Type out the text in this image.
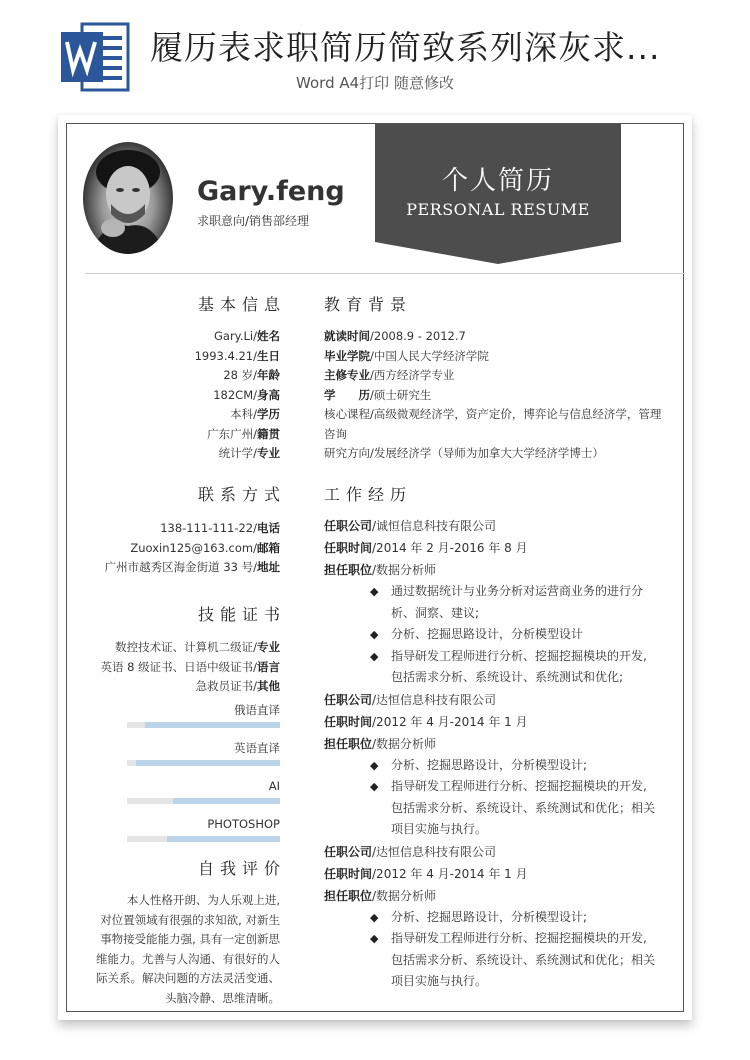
履历表求职简历简致系列深灰求...
Word A4打印 随意修改
Gary.feng
求职意向/销售部经理
个人简历
PERSONAL RESUME
基本信息
Gary.Li/姓名
1993.4.21/生日
28 岁/年龄
182CM/身高
本科/学历
广东广州/籍贯
统计学/专业
联系方式
138-111-111-22/电话
Zuoxin125@163.com/邮箱
广州市越秀区海金街道 33 号/地址
技能证书
数控技术证、计算机二级证/专业
英语 8 级证书、日语中级证书/语言
急救员证书/其他
俄语直译
英语直译
AI
PHOTOSHOP
自我评价
本人性格开朗、为人乐观上进,
对位置领域有很强的求知欲, 对新生
事物接受能能力强, 具有一定创新思
维能力。尤善与人沟通、有很好的人
际关系。解决问题的方法灵活变通、
头脑冷静、思维清晰。
教育背景
就读时间/2008.9 - 2012.7
毕业学院/中国人民大学经济学院
主修专业/西方经济学专业
学　　历/硕士研究生
核心课程/高级微观经济学，资产定价，博弈论与信息经济学，管理
咨询
研究方向/发展经济学（导师为加拿大大学经济学博士）
工作经历
任职公司/诚恒信息科技有限公司
任职时间/2014 年 2 月-2016 年 8 月
担任职位/数据分析师
◆ 通过数据统计与业务分析对运营商业务的进行分
析、洞察、建议;
◆ 分析、挖掘思路设计，分析模型设计
◆ 指导研发工程师进行分析、挖掘挖掘模块的开发,
包括需求分析、系统设计、系统测试和优化;
任职公司/达恒信息科技有限公司
任职时间/2012 年 4 月-2014 年 1 月
担任职位/数据分析师
◆ 分析、挖掘思路设计，分析模型设计;
◆ 指导研发工程师进行分析、挖掘挖掘模块的开发,
包括需求分析、系统设计、系统测试和优化；相关
项目实施与执行。
任职公司/达恒信息科技有限公司
任职时间/2012 年 4 月-2014 年 1 月
担任职位/数据分析师
◆ 分析、挖掘思路设计，分析模型设计;
◆ 指导研发工程师进行分析、挖掘挖掘模块的开发,
包括需求分析、系统设计、系统测试和优化；相关
项目实施与执行。
